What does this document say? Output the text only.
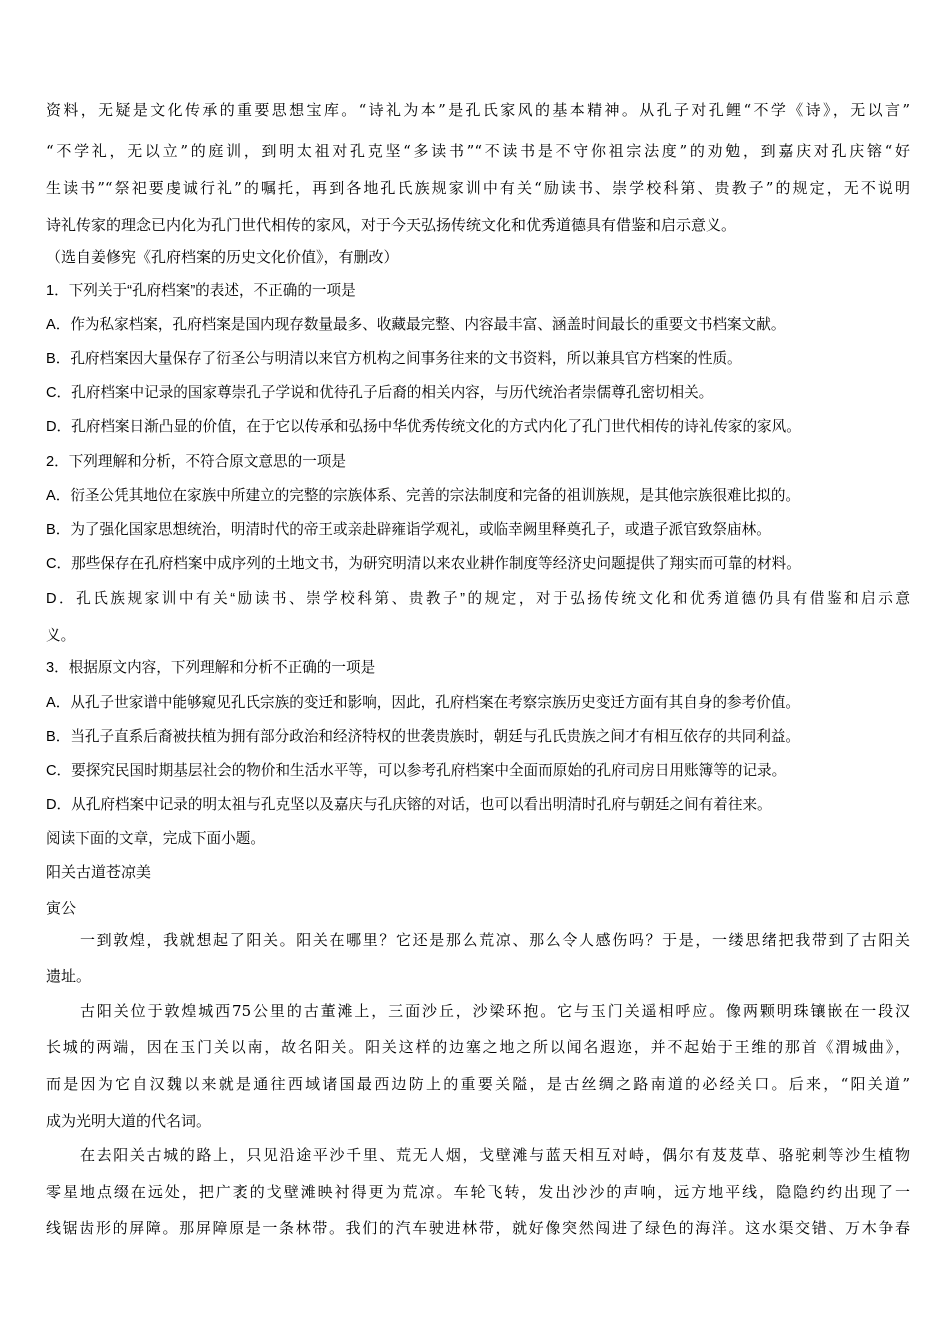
资料，无疑是文化传承的重要思想宝库。“诗礼为本”是孔氏家风的基本精神。从孔子对孔鲤“不学《诗》，无以言”

“不学礼，无以立”的庭训，到明太祖对孔克坚“多读书”“不读书是不守你祖宗法度”的劝勉，到嘉庆对孔庆镕“好

生读书”“祭祀要虔诚行礼”的嘱托，再到各地孔氏族规家训中有关“励读书、崇学校科第、贵教子”的规定，无不说明

诗礼传家的理念已内化为孔门世代相传的家风，对于今天弘扬传统文化和优秀道德具有借鉴和启示意义。

（选自姜修宪《孔府档案的历史文化价值》，有删改）

1．下列关于“孔府档案”的表述，不正确的一项是

A．作为私家档案，孔府档案是国内现存数量最多、收藏最完整、内容最丰富、涵盖时间最长的重要文书档案文献。

B．孔府档案因大量保存了衍圣公与明清以来官方机构之间事务往来的文书资料，所以兼具官方档案的性质。

C．孔府档案中记录的国家尊崇孔子学说和优待孔子后裔的相关内容，与历代统治者崇儒尊孔密切相关。

D．孔府档案日渐凸显的价值，在于它以传承和弘扬中华优秀传统文化的方式内化了孔门世代相传的诗礼传家的家风。

2．下列理解和分析，不符合原文意思的一项是

A．衍圣公凭其地位在家族中所建立的完整的宗族体系、完善的宗法制度和完备的祖训族规，是其他宗族很难比拟的。

B．为了强化国家思想统治，明清时代的帝王或亲赴辟雍诣学观礼，或临幸阙里释奠孔子，或遣子派官致祭庙林。

C．那些保存在孔府档案中成序列的土地文书，为研究明清以来农业耕作制度等经济史问题提供了翔实而可靠的材料。

D．孔氏族规家训中有关“励读书、崇学校科第、贵教子”的规定，对于弘扬传统文化和优秀道德仍具有借鉴和启示意

义。

3．根据原文内容，下列理解和分析不正确的一项是

A．从孔子世家谱中能够窥见孔氏宗族的变迁和影响，因此，孔府档案在考察宗族历史变迁方面有其自身的参考价值。

B．当孔子直系后裔被扶植为拥有部分政治和经济特权的世袭贵族时，朝廷与孔氏贵族之间才有相互依存的共同利益。

C．要探究民国时期基层社会的物价和生活水平等，可以参考孔府档案中全面而原始的孔府司房日用账簿等的记录。

D．从孔府档案中记录的明太祖与孔克坚以及嘉庆与孔庆镕的对话，也可以看出明清时孔府与朝廷之间有着往来。

阅读下面的文章，完成下面小题。

阳关古道苍凉美

寅公

一到敦煌，我就想起了阳关。阳关在哪里？它还是那么荒凉、那么令人感伤吗？于是，一缕思绪把我带到了古阳关

遗址。

古阳关位于敦煌城西75公里的古董滩上，三面沙丘，沙梁环抱。它与玉门关遥相呼应。像两颗明珠镶嵌在一段汉

长城的两端，因在玉门关以南，故名阳关。阳关这样的边塞之地之所以闻名遐迩，并不起始于王维的那首《渭城曲》，

而是因为它自汉魏以来就是通往西域诸国最西边防上的重要关隘，是古丝绸之路南道的必经关口。后来，“阳关道”

成为光明大道的代名词。

在去阳关古城的路上，只见沿途平沙千里、荒无人烟，戈壁滩与蓝天相互对峙，偶尔有芨芨草、骆驼刺等沙生植物

零星地点缀在远处，把广袤的戈壁滩映衬得更为荒凉。车轮飞转，发出沙沙的声响，远方地平线，隐隐约约出现了一

线锯齿形的屏障。那屏障原是一条林带。我们的汽车驶进林带，就好像突然闯进了绿色的海洋。这水渠交错、万木争春
